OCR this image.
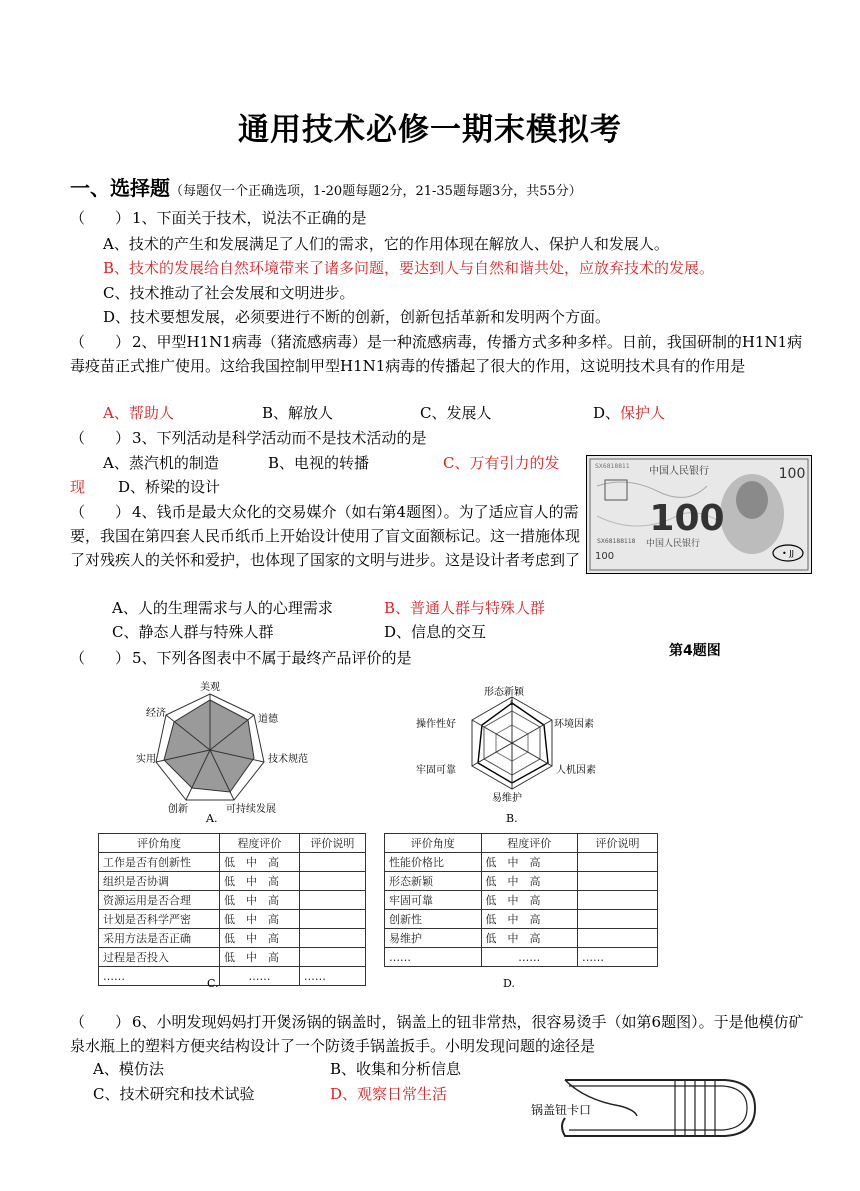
通用技术必修一期末模拟考
一、选择题（每题仅一个正确选项，1-20题每题2分，21-35题每题3分，共55分）
（　　） 1、下面关于技术，说法不正确的是
A、技术的产生和发展满足了人们的需求，它的作用体现在解放人、保护人和发展人。
B、技术的发展给自然环境带来了诸多问题，要达到人与自然和谐共处，应放弃技术的发展。
C、技术推动了社会发展和文明进步。
D、技术要想发展，必须要进行不断的创新，创新包括革新和发明两个方面。
（　　） 2、甲型H1N1病毒（猪流感病毒）是一种流感病毒，传播方式多种多样。日前，我国研制的H1N1病毒疫苗正式推广使用。这给我国控制甲型H1N1病毒的传播起了很大的作用，这说明技术具有的作用是
A、帮助人	B、解放人	C、发展人	D、保护人
（　　） 3、下列活动是科学活动而不是技术活动的是
A、蒸汽机的制造	B、电视的转播	C、万有引力的发
现 D、桥梁的设计
（　　） 4、钱币是最大众化的交易媒介（如右第4题图）。为了适应盲人的需要，我国在第四套人民币纸币上开始设计使用了盲文面额标记。这一措施体现了对残疾人的关怀和爱护，也体现了国家的文明与进步。这是设计者考虑到了
A、人的生理需求与人的心理需求	B、普通人群与特殊人群
C、静态人群与特殊人群	D、信息的交互
中国人民银行
100
中国人民银行	100
100
SX68188118
SX6818811
• JJ
第4题图
（　　） 5、下列各图表中不属于最终产品评价的是
美观
道德
技术规范
可持续发展
创新
实用
经济
A.
形态新颖
环境因素
人机因素
易维护
牢固可靠
操作性好
5
B.
评价角度	程度评价	评价说明
工作是否有创新性	低　中　高	
组织是否协调	低　中　高	
资源运用是否合理	低　中　高	
计划是否科学严密	低　中　高	
采用方法是否正确	低　中　高	
过程是否投入	低　中　高	
……	……	……
C.
评价角度	程度评价	评价说明
性能价格比	低　中　高	
形态新颖	低　中　高	
牢固可靠	低　中　高	
创新性	低　中　高	
易维护	低　中　高	
……	……	……
D.
（　　） 6、小明发现妈妈打开煲汤锅的锅盖时，锅盖上的钮非常热，很容易烫手（如第6题图）。于是他模仿矿泉水瓶上的塑料方便夹结构设计了一个防烫手锅盖扳手。小明发现问题的途径是
A、模仿法	B、收集和分析信息
C、技术研究和技术试验	D、观察日常生活
锅盖钮卡口
